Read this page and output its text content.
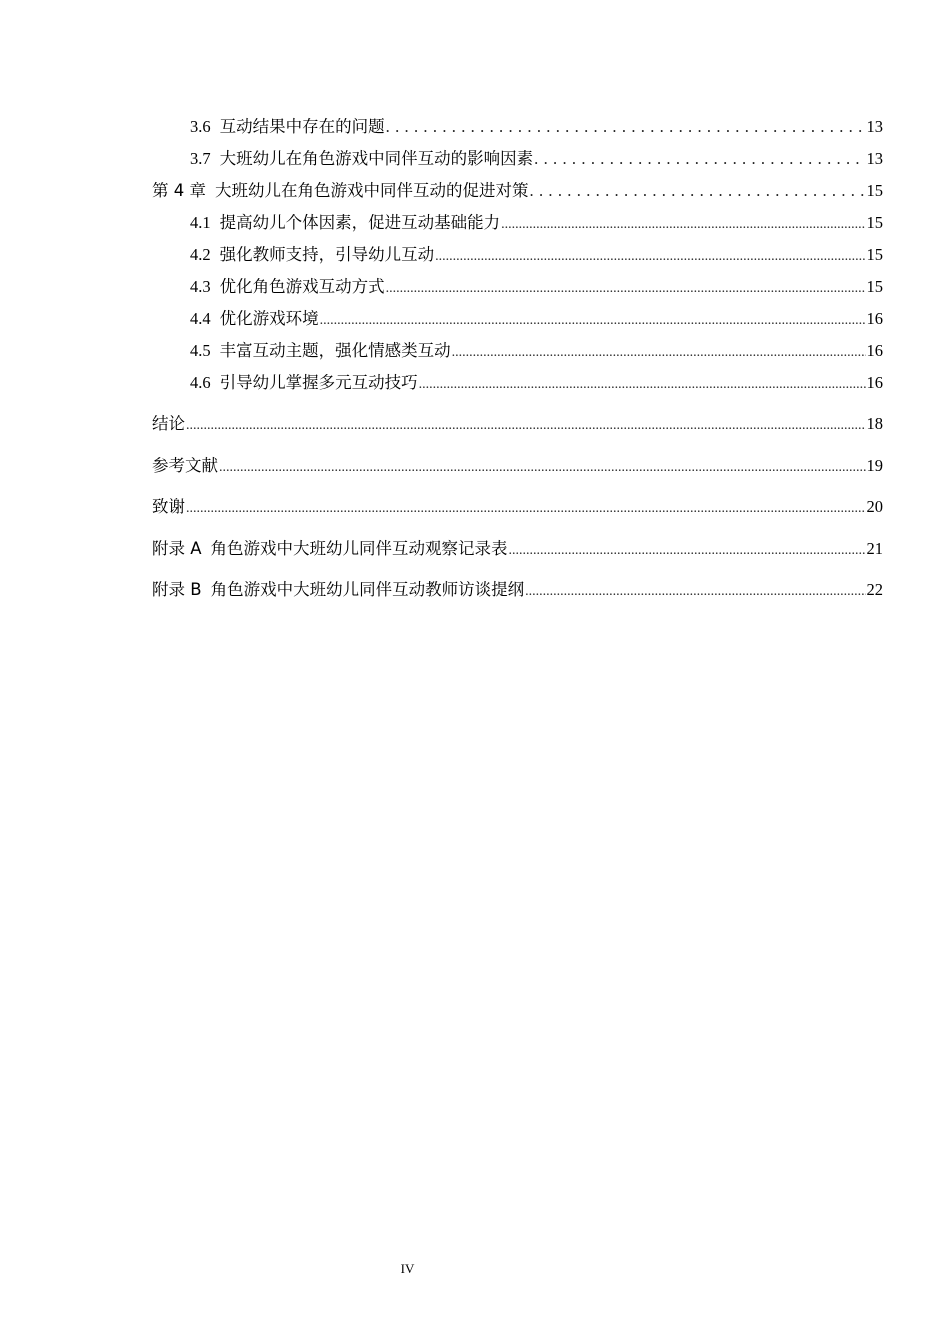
3.6 互动结果中存在的问题 . . .	13
3.7 大班幼儿在角色游戏中同伴互动的影响因素 . . .	13
第 4 章 大班幼儿在角色游戏中同伴互动的促进对策 . . .	15
4.1 提高幼儿个体因素，促进互动基础能力 .....	15
4.2 强化教师支持，引导幼儿互动 .....	15
4.3 优化角色游戏互动方式 .....	15
4.4 优化游戏环境 .....	16
4.5 丰富互动主题，强化情感类互动 .....	16
4.6 引导幼儿掌握多元互动技巧 .....	16
结论 .....	18
参考文献 .....	19
致谢 .....	20
附录 A 角色游戏中大班幼儿同伴互动观察记录表 .....	21
附录 B 角色游戏中大班幼儿同伴互动教师访谈提纲 .....	22
IV
